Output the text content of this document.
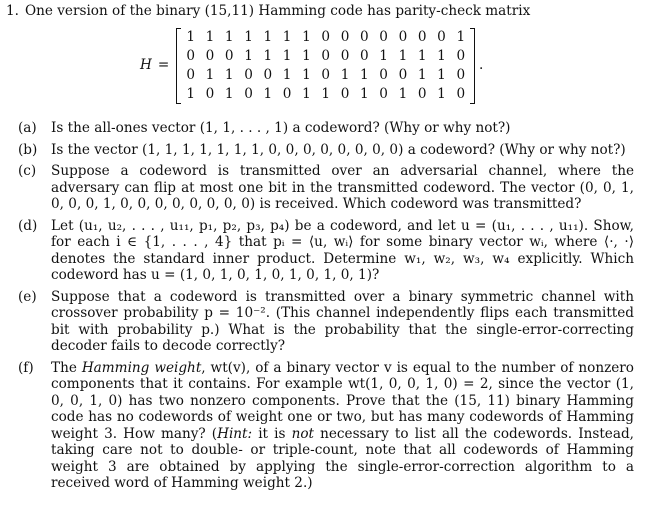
1. One version of the binary (15,11) Hamming code has parity-check matrix
H =
1 1 1 1 1 1 1 0 0 0 0 0 0 0 1
0 0 0 1 1 1 1 0 0 0 1 1 1 1 0
0 1 1 0 0 1 1 0 1 1 0 0 1 1 0
1 0 1 0 1 0 1 1 0 1 0 1 0 1 0
.
(a)	Is the all-ones vector (1, 1, . . . , 1) a codeword? (Why or why not?)
(b)	Is the vector (1, 1, 1, 1, 1, 1, 1, 0, 0, 0, 0, 0, 0, 0, 0) a codeword? (Why or why not?)
(c)	Suppose a codeword is transmitted over an adversarial channel, where the adversary can flip at most one bit in the transmitted codeword. The vector (0, 0, 1, 0, 0, 0, 1, 0, 0, 0, 0, 0, 0, 0, 0) is received. Which codeword was transmitted?
(d)	Let (u₁, u₂, . . . , u₁₁, p₁, p₂, p₃, p₄) be a codeword, and let u = (u₁, . . . , u₁₁). Show, for each i ∈ {1, . . . , 4} that pᵢ = ⟨u, wᵢ⟩ for some binary vector wᵢ, where ⟨·, ·⟩ denotes the standard inner product. Determine w₁, w₂, w₃, w₄ explicitly. Which codeword has u = (1, 0, 1, 0, 1, 0, 1, 0, 1, 0, 1)?
(e)	Suppose that a codeword is transmitted over a binary symmetric channel with crossover probability p = 10⁻². (This channel independently flips each transmitted bit with probability p.) What is the probability that the single-error-correcting decoder fails to decode correctly?
(f)	The Hamming weight, wt(v), of a binary vector v is equal to the number of nonzero components that it contains. For example wt(1, 0, 0, 1, 0) = 2, since the vector (1, 0, 0, 1, 0) has two nonzero components. Prove that the (15, 11) binary Hamming code has no codewords of weight one or two, but has many codewords of Hamming weight 3. How many? (Hint: it is not necessary to list all the codewords. Instead, taking care not to double- or triple-count, note that all codewords of Hamming weight 3 are obtained by applying the single-error-correction algorithm to a received word of Hamming weight 2.)
